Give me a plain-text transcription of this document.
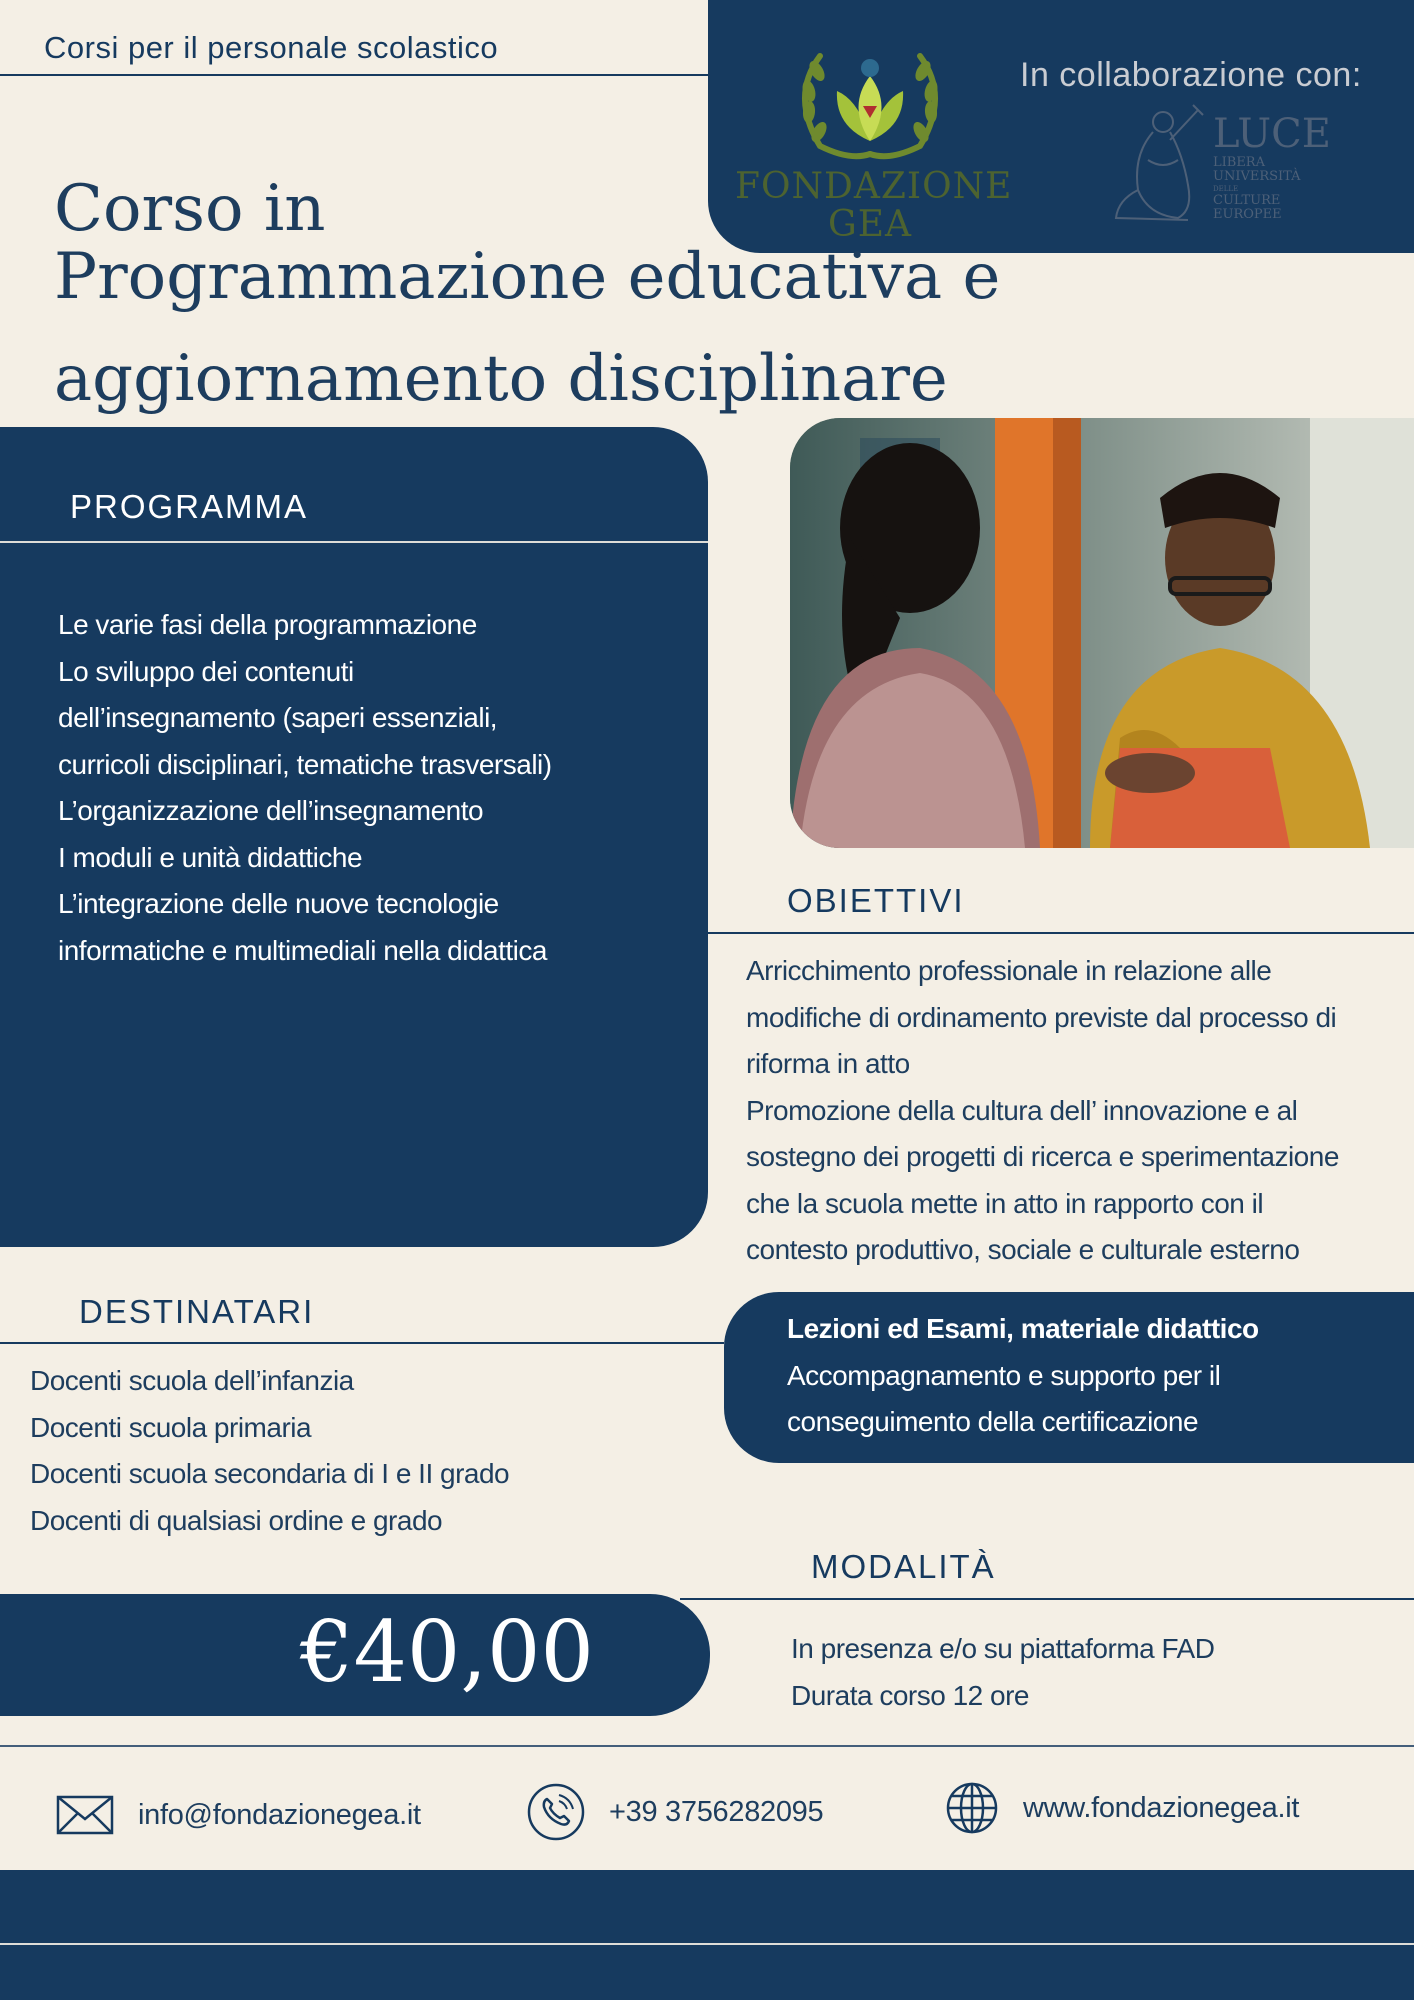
Corsi per il personale scolastico
FONDAZIONE
GEA
In collaborazione con:
LUCE
LIBERA
UNIVERSITÀ
DELLE
CULTURE
EUROPEE
Corso in
Programmazione educativa e
aggiornamento disciplinare
PROGRAMMA
Le varie fasi della programmazione
Lo sviluppo dei contenuti
dell’insegnamento (saperi essenziali,
curricoli disciplinari, tematiche trasversali)
L’organizzazione dell’insegnamento
I moduli e unità didattiche
L’integrazione delle nuove tecnologie
informatiche e multimediali nella didattica
OBIETTIVI
Arricchimento professionale in relazione alle
modifiche di ordinamento previste dal processo di
riforma in atto
Promozione della cultura dell’ innovazione e al
sostegno dei progetti di ricerca e sperimentazione
che la scuola mette in atto in rapporto con il
contesto produttivo, sociale e culturale esterno
DESTINATARI
Docenti scuola dell’infanzia
Docenti scuola primaria
Docenti scuola secondaria di I e II grado
Docenti di qualsiasi ordine e grado
Lezioni ed Esami, materiale didattico
Accompagnamento e supporto per il
conseguimento della certificazione
MODALITÀ
In presenza e/o su piattaforma FAD
Durata corso 12 ore
€40,00
info@fondazionegea.it	+39 3756282095	www.fondazionegea.it
